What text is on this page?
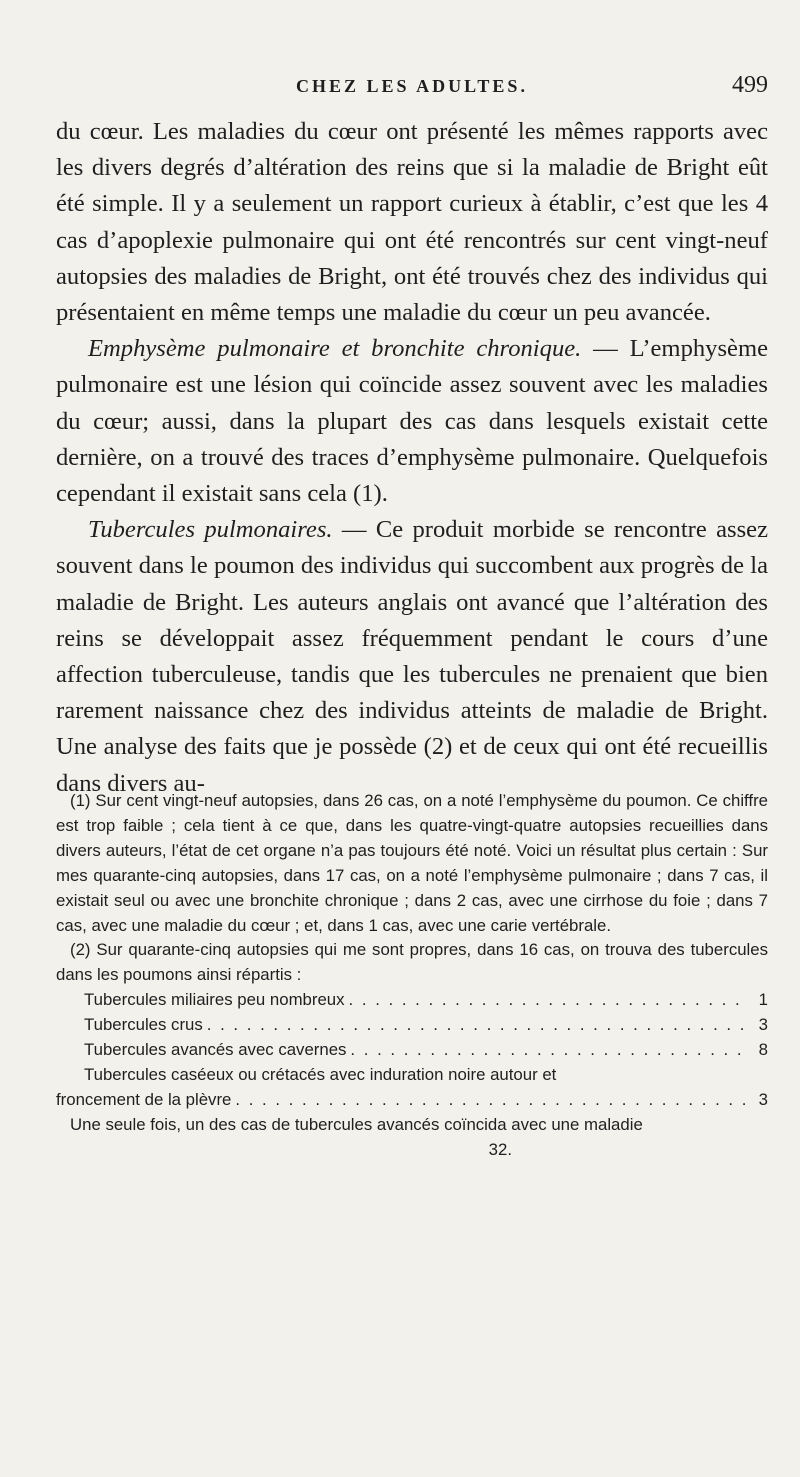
CHEZ LES ADULTES.	499

du cœur. Les maladies du cœur ont présenté les mêmes rapports avec les divers degrés d’altération des reins que si la maladie de Bright eût été simple. Il y a seulement un rapport curieux à établir, c’est que les 4 cas d’apoplexie pulmonaire qui ont été rencontrés sur cent vingt-neuf autopsies des maladies de Bright, ont été trouvés chez des individus qui présentaient en même temps une maladie du cœur un peu avancée.

Emphysème pulmonaire et bronchite chronique. — L’emphysème pulmonaire est une lésion qui coïncide assez souvent avec les maladies du cœur; aussi, dans la plupart des cas dans lesquels existait cette dernière, on a trouvé des traces d’emphysème pulmonaire. Quelquefois cependant il existait sans cela (1).

Tubercules pulmonaires. — Ce produit morbide se rencontre assez souvent dans le poumon des individus qui succombent aux progrès de la maladie de Bright. Les auteurs anglais ont avancé que l’altération des reins se développait assez fréquemment pendant le cours d’une affection tuberculeuse, tandis que les tubercules ne prenaient que bien rarement naissance chez des individus atteints de maladie de Bright. Une analyse des faits que je possède (2) et de ceux qui ont été recueillis dans divers au-

(1) Sur cent vingt-neuf autopsies, dans 26 cas, on a noté l’emphysème du poumon. Ce chiffre est trop faible ; cela tient à ce que, dans les quatre-vingt-quatre autopsies recueillies dans divers auteurs, l’état de cet organe n’a pas toujours été noté. Voici un résultat plus certain : Sur mes quarante-cinq autopsies, dans 17 cas, on a noté l’emphysème pulmonaire ; dans 7 cas, il existait seul ou avec une bronchite chronique ; dans 2 cas, avec une cirrhose du foie ; dans 7 cas, avec une maladie du cœur ; et, dans 1 cas, avec une carie vertébrale.

(2) Sur quarante-cinq autopsies qui me sont propres, dans 16 cas, on trouva des tubercules dans les poumons ainsi répartis :

Tubercules miliaires peu nombreux . . .	1
Tubercules crus . . .	3
Tubercules avancés avec cavernes . . .	8
Tubercules caséeux ou crétacés avec induration noire autour et
froncement de la plèvre . . .	3

Une seule fois, un des cas de tubercules avancés coïncida avec une maladie

32.
